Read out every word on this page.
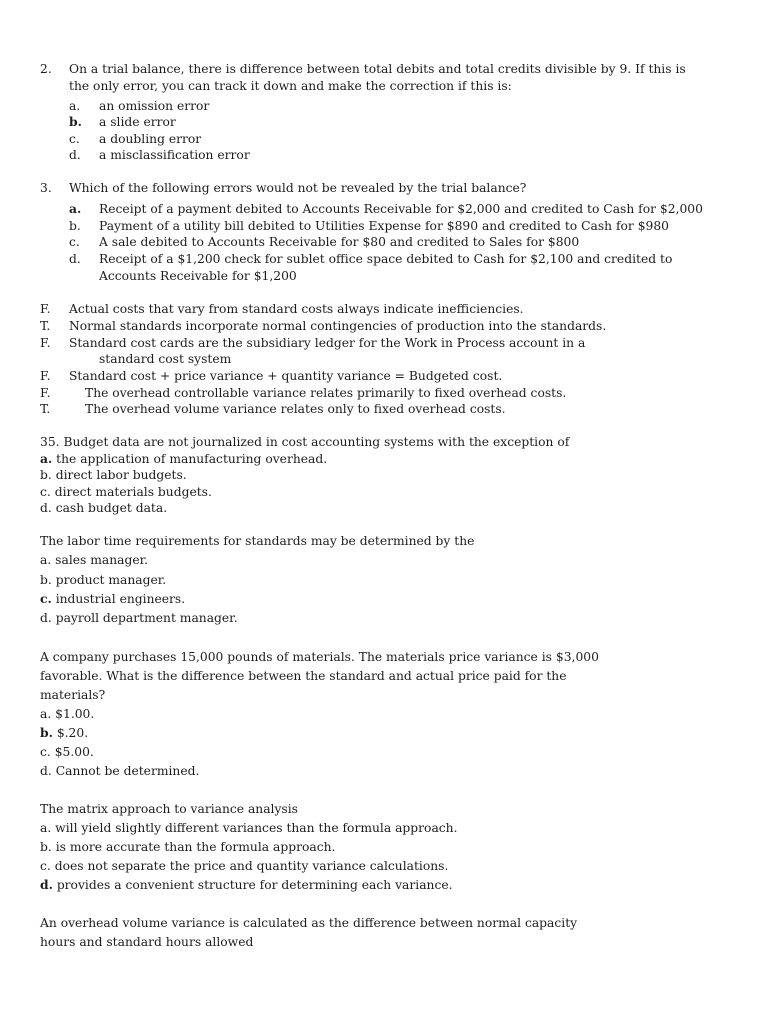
2. On a trial balance, there is difference between total debits and total credits divisible by 9. If this is
the only error, you can track it down and make the correction if this is:
a. an omission error
b. a slide error
c. a doubling error
d. a misclassification error
3. Which of the following errors would not be revealed by the trial balance?
a. Receipt of a payment debited to Accounts Receivable for $2,000 and credited to Cash for $2,000
b. Payment of a utility bill debited to Utilities Expense for $890 and credited to Cash for $980
c. A sale debited to Accounts Receivable for $80 and credited to Sales for $800
d. Receipt of a $1,200 check for sublet office space debited to Cash for $2,100 and credited to
Accounts Receivable for $1,200
F. Actual costs that vary from standard costs always indicate inefficiencies.
T. Normal standards incorporate normal contingencies of production into the standards.
F. Standard cost cards are the subsidiary ledger for the Work in Process account in a
standard cost system
F. Standard cost + price variance + quantity variance = Budgeted cost.
F.	The overhead controllable variance relates primarily to fixed overhead costs.
T.	The overhead volume variance relates only to fixed overhead costs.
35. Budget data are not journalized in cost accounting systems with the exception of
a. the application of manufacturing overhead.
b. direct labor budgets.
c. direct materials budgets.
d. cash budget data.
The labor time requirements for standards may be determined by the
a. sales manager.
b. product manager.
c. industrial engineers.
d. payroll department manager.
A company purchases 15,000 pounds of materials. The materials price variance is $3,000
favorable. What is the difference between the standard and actual price paid for the
materials?
a. $1.00.
b. $.20.
c. $5.00.
d. Cannot be determined.
The matrix approach to variance analysis
a. will yield slightly different variances than the formula approach.
b. is more accurate than the formula approach.
c. does not separate the price and quantity variance calculations.
d. provides a convenient structure for determining each variance.
An overhead volume variance is calculated as the difference between normal capacity
hours and standard hours allowed
